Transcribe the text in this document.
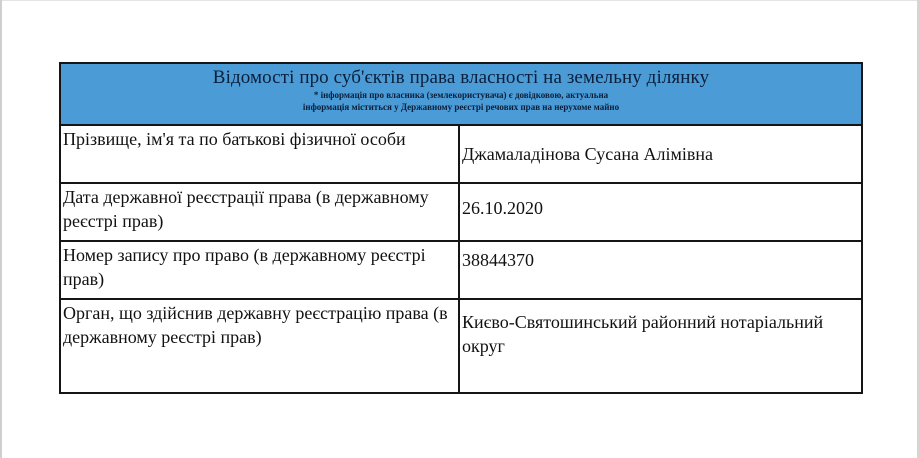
Відомості про суб'єктів права власності на земельну ділянку
* інформація про власника (землекористувача) є довідковою, актуальна
інформація міститься у Державному реєстрі речових прав на нерухоме майно
Прізвище, ім'я та по батькові фізичної особи	Джамаладінова Сусана Алімівна
Дата державної реєстрації права (в державному реєстрі прав)	26.10.2020
Номер запису про право (в державному реєстрі прав)	38844370
Орган, що здійснив державну реєстрацію права (в державному реєстрі прав)	Києво-Святошинський районний нотаріальний округ
